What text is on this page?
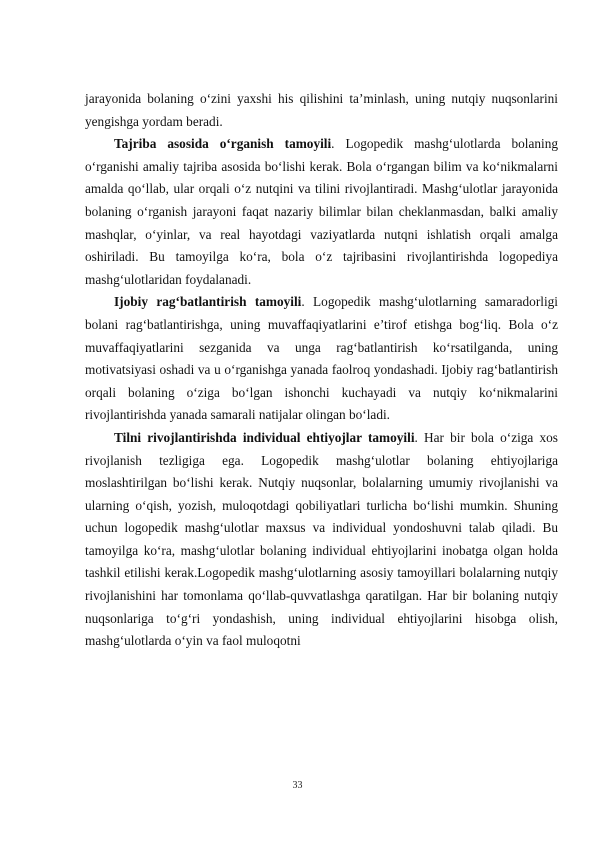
jarayonida bolaning o‘zini yaxshi his qilishini ta’minlash, uning nutqiy nuqsonlarini yengishga yordam beradi.

Tajriba asosida o‘rganish tamoyili. Logopedik mashg‘ulotlarda bolaning o‘rganishi amaliy tajriba asosida bo‘lishi kerak. Bola o‘rgangan bilim va ko‘nikmalarni amalda qo‘llab, ular orqali o‘z nutqini va tilini rivojlantiradi. Mashg‘ulotlar jarayonida bolaning o‘rganish jarayoni faqat nazariy bilimlar bilan cheklanmasdan, balki amaliy mashqlar, o‘yinlar, va real hayotdagi vaziyatlarda nutqni ishlatish orqali amalga oshiriladi. Bu tamoyilga ko‘ra, bola o‘z tajribasini rivojlantirishda logopediya mashg‘ulotlaridan foydalanadi.

Ijobiy rag‘batlantirish tamoyili. Logopedik mashg‘ulotlarning samaradorligi bolani rag‘batlantirishga, uning muvaffaqiyatlarini e’tirof etishga bog‘liq. Bola o‘z muvaffaqiyatlarini sezganida va unga rag‘batlantirish ko‘rsatilganda, uning motivatsiyasi oshadi va u o‘rganishga yanada faolroq yondashadi. Ijobiy rag‘batlantirish orqali bolaning o‘ziga bo‘lgan ishonchi kuchayadi va nutqiy ko‘nikmalarini rivojlantirishda yanada samarali natijalar olingan bo‘ladi.

Tilni rivojlantirishda individual ehtiyojlar tamoyili. Har bir bola o‘ziga xos rivojlanish tezligiga ega. Logopedik mashg‘ulotlar bolaning ehtiyojlariga moslashtirilgan bo‘lishi kerak. Nutqiy nuqsonlar, bolalarning umumiy rivojlanishi va ularning o‘qish, yozish, muloqotdagi qobiliyatlari turlicha bo‘lishi mumkin. Shuning uchun logopedik mashg‘ulotlar maxsus va individual yondoshuvni talab qiladi. Bu tamoyilga ko‘ra, mashg‘ulotlar bolaning individual ehtiyojlarini inobatga olgan holda tashkil etilishi kerak.Logopedik mashg‘ulotlarning asosiy tamoyillari bolalarning nutqiy rivojlanishini har tomonlama qo‘llab-quvvatlashga qaratilgan. Har bir bolaning nutqiy nuqsonlariga to‘g‘ri yondashish, uning individual ehtiyojlarini hisobga olish, mashg‘ulotlarda o‘yin va faol muloqotni

33
